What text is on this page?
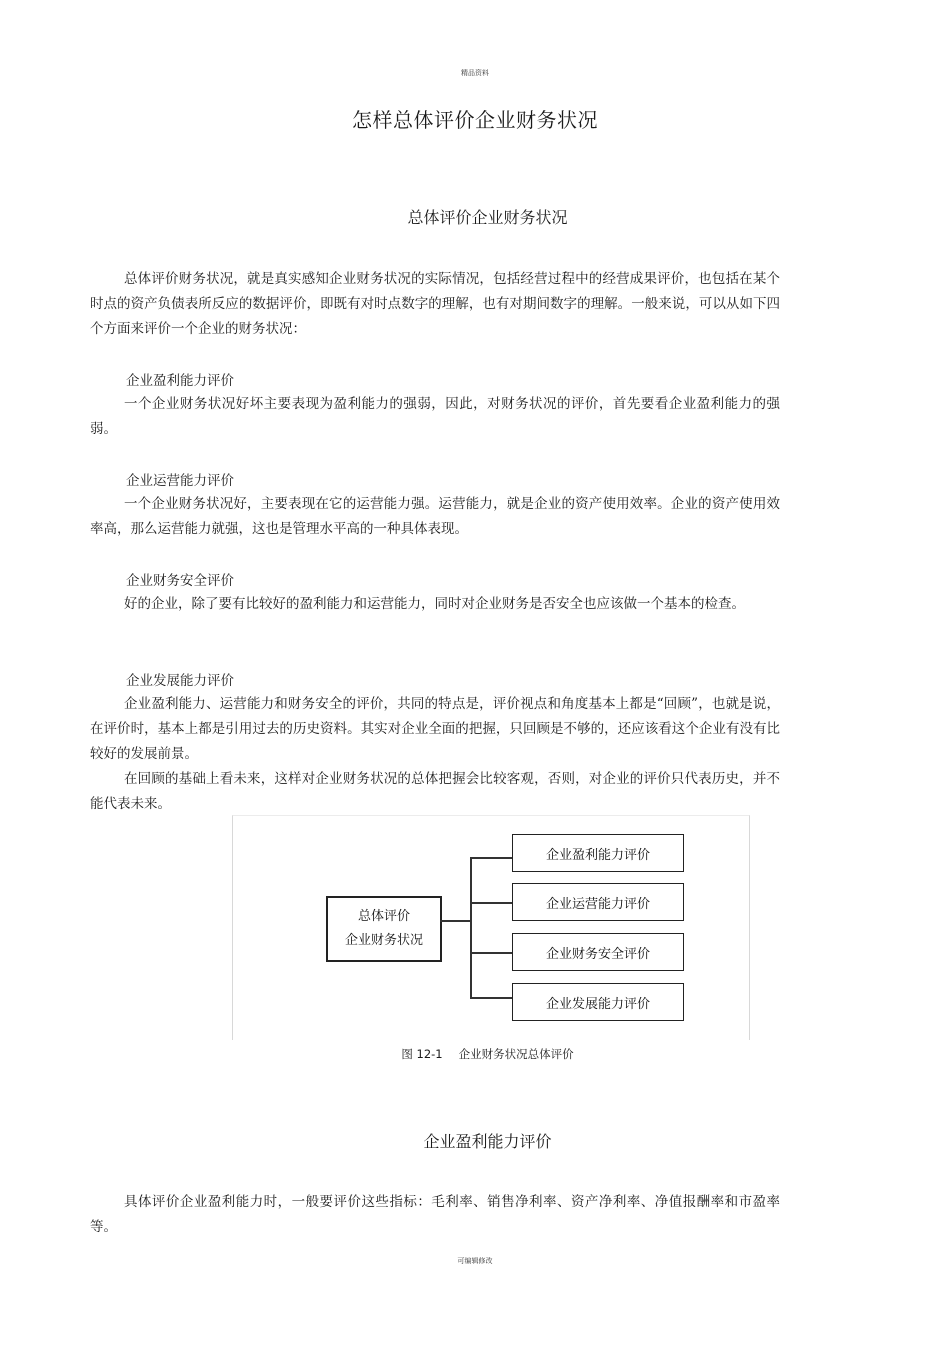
精品资料
怎样总体评价企业财务状况
总体评价企业财务状况
总体评价财务状况，就是真实感知企业财务状况的实际情况，包括经营过程中的经营成果评价，也包括在某个时点的资产负债表所反应的数据评价，即既有对时点数字的理解，也有对期间数字的理解。一般来说，可以从如下四个方面来评价一个企业的财务状况：
企业盈利能力评价
一个企业财务状况好坏主要表现为盈利能力的强弱，因此，对财务状况的评价，首先要看企业盈利能力的强弱。
企业运营能力评价
一个企业财务状况好，主要表现在它的运营能力强。运营能力，就是企业的资产使用效率。企业的资产使用效率高，那么运营能力就强，这也是管理水平高的一种具体表现。
企业财务安全评价
好的企业，除了要有比较好的盈利能力和运营能力，同时对企业财务是否安全也应该做一个基本的检查。
企业发展能力评价
企业盈利能力、运营能力和财务安全的评价，共同的特点是，评价视点和角度基本上都是“回顾”，也就是说，在评价时，基本上都是引用过去的历史资料。其实对企业全面的把握，只回顾是不够的，还应该看这个企业有没有比较好的发展前景。
在回顾的基础上看未来，这样对企业财务状况的总体把握会比较客观，否则，对企业的评价只代表历史，并不能代表未来。
总体评价
企业财务状况
企业盈利能力评价
企业运营能力评价
企业财务安全评价
企业发展能力评价
图 12-1 企业财务状况总体评价
企业盈利能力评价
具体评价企业盈利能力时，一般要评价这些指标：毛利率、销售净利率、资产净利率、净值报酬率和市盈率等。
可编辑修改
